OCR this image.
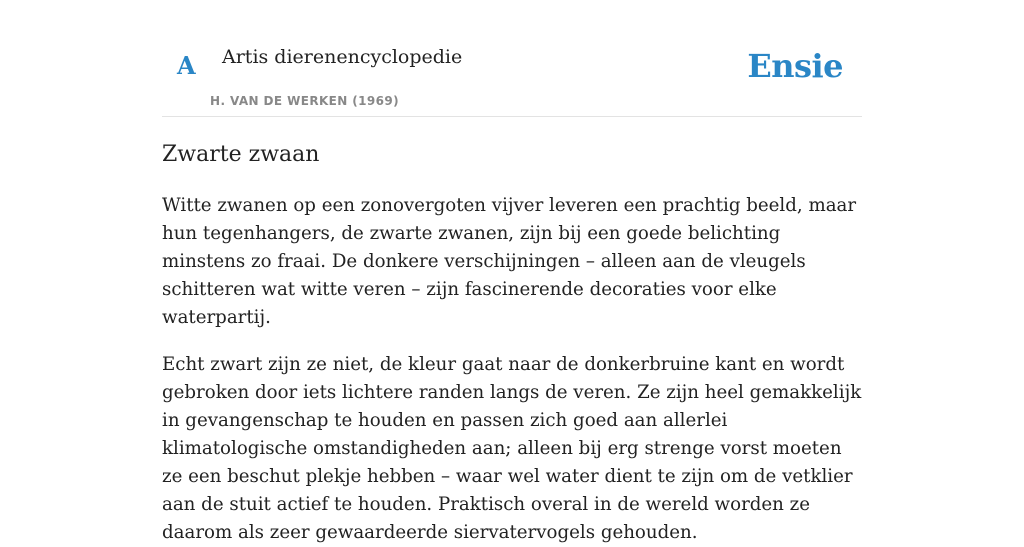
A Artis dierenencyclopedie
H. VAN DE WERKEN (1969)
Ensie
Zwarte zwaan

Witte zwanen op een zonovergoten vijver leveren een prachtig beeld, maar hun tegenhangers, de zwarte zwanen, zijn bij een goede belichting minstens zo fraai. De donkere verschijningen – alleen aan de vleugels schitteren wat witte veren – zijn fascinerende decoraties voor elke waterpartij.

Echt zwart zijn ze niet, de kleur gaat naar de donkerbruine kant en wordt gebroken door iets lichtere randen langs de veren. Ze zijn heel gemakkelijk in gevangenschap te houden en passen zich goed aan allerlei klimatologische omstandigheden aan; alleen bij erg strenge vorst moeten ze een beschut plekje hebben – waar wel water dient te zijn om de vetklier aan de stuit actief te houden. Praktisch overal in de wereld worden ze daarom als zeer gewaardeerde siervatervogels gehouden.
